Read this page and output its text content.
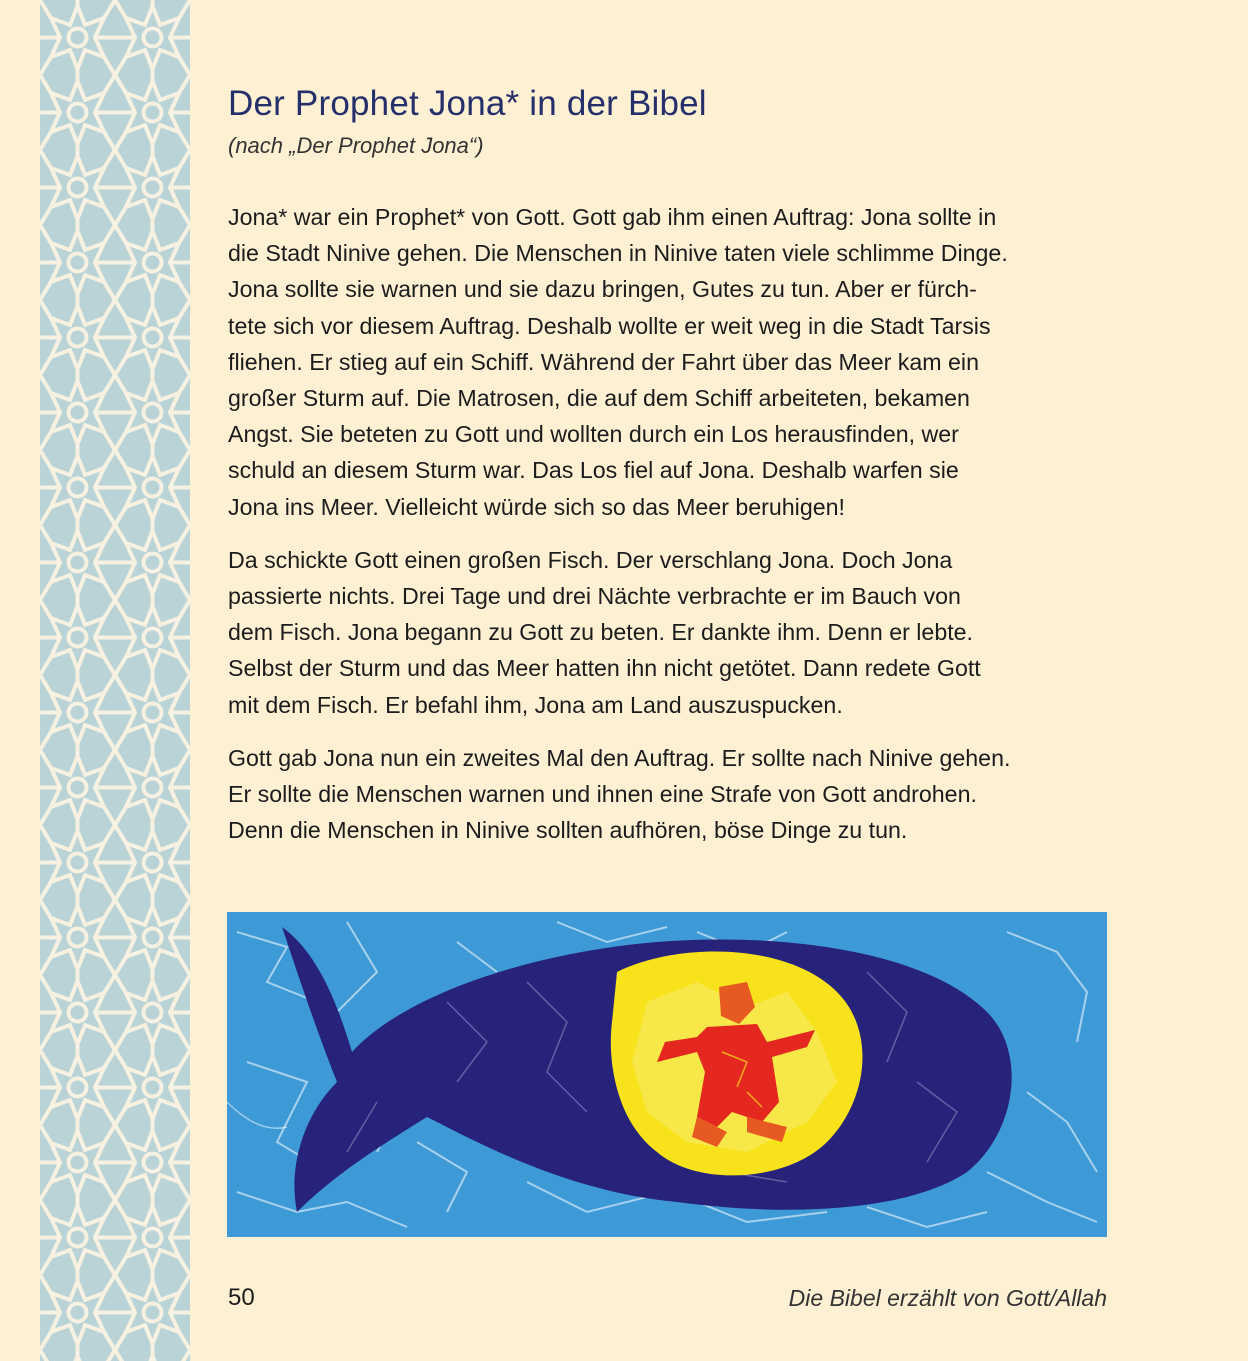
Der Prophet Jona* in der Bibel
(nach „Der Prophet Jona“)

Jona* war ein Prophet* von Gott. Gott gab ihm einen Auftrag: Jona sollte in
die Stadt Ninive gehen. Die Menschen in Ninive taten viele schlimme Dinge.
Jona sollte sie warnen und sie dazu bringen, Gutes zu tun. Aber er fürch-
tete sich vor diesem Auftrag. Deshalb wollte er weit weg in die Stadt Tarsis
fliehen. Er stieg auf ein Schiff. Während der Fahrt über das Meer kam ein
großer Sturm auf. Die Matrosen, die auf dem Schiff arbeiteten, bekamen
Angst. Sie beteten zu Gott und wollten durch ein Los herausfinden, wer
schuld an diesem Sturm war. Das Los fiel auf Jona. Deshalb warfen sie
Jona ins Meer. Vielleicht würde sich so das Meer beruhigen!

Da schickte Gott einen großen Fisch. Der verschlang Jona. Doch Jona
passierte nichts. Drei Tage und drei Nächte verbrachte er im Bauch von
dem Fisch. Jona begann zu Gott zu beten. Er dankte ihm. Denn er lebte.
Selbst der Sturm und das Meer hatten ihn nicht getötet. Dann redete Gott
mit dem Fisch. Er befahl ihm, Jona am Land auszuspucken.

Gott gab Jona nun ein zweites Mal den Auftrag. Er sollte nach Ninive gehen.
Er sollte die Menschen warnen und ihnen eine Strafe von Gott androhen.
Denn die Menschen in Ninive sollten aufhören, böse Dinge zu tun.

50	Die Bibel erzählt von Gott/Allah
